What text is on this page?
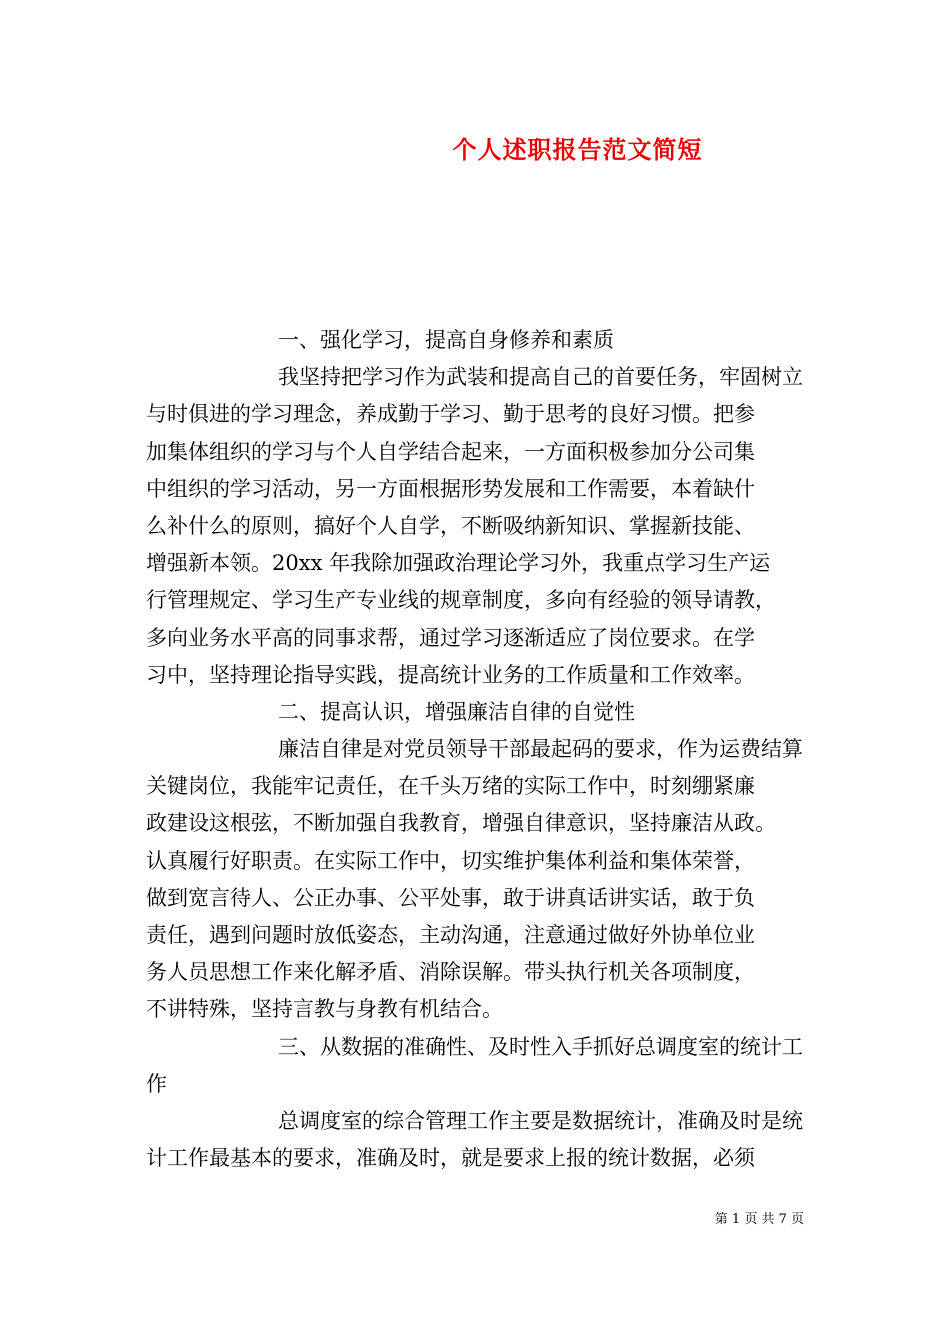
个人述职报告范文简短
一、强化学习，提高自身修养和素质
我坚持把学习作为武装和提高自己的首要任务，牢固树立
与时俱进的学习理念，养成勤于学习、勤于思考的良好习惯。把参
加集体组织的学习与个人自学结合起来，一方面积极参加分公司集
中组织的学习活动，另一方面根据形势发展和工作需要，本着缺什
么补什么的原则，搞好个人自学，不断吸纳新知识、掌握新技能、
增强新本领。20xx 年我除加强政治理论学习外，我重点学习生产运
行管理规定、学习生产专业线的规章制度，多向有经验的领导请教，
多向业务水平高的同事求帮，通过学习逐渐适应了岗位要求。在学
习中，坚持理论指导实践，提高统计业务的工作质量和工作效率。
二、提高认识，增强廉洁自律的自觉性
廉洁自律是对党员领导干部最起码的要求，作为运费结算
关键岗位，我能牢记责任，在千头万绪的实际工作中，时刻绷紧廉
政建设这根弦，不断加强自我教育，增强自律意识，坚持廉洁从政。
认真履行好职责。在实际工作中，切实维护集体利益和集体荣誉，
做到宽言待人、公正办事、公平处事，敢于讲真话讲实话，敢于负
责任，遇到问题时放低姿态，主动沟通，注意通过做好外协单位业
务人员思想工作来化解矛盾、消除误解。带头执行机关各项制度，
不讲特殊，坚持言教与身教有机结合。
三、从数据的准确性、及时性入手抓好总调度室的统计工
作
总调度室的综合管理工作主要是数据统计，准确及时是统
计工作最基本的要求，准确及时，就是要求上报的统计数据，必须
第 1 页 共 7 页
